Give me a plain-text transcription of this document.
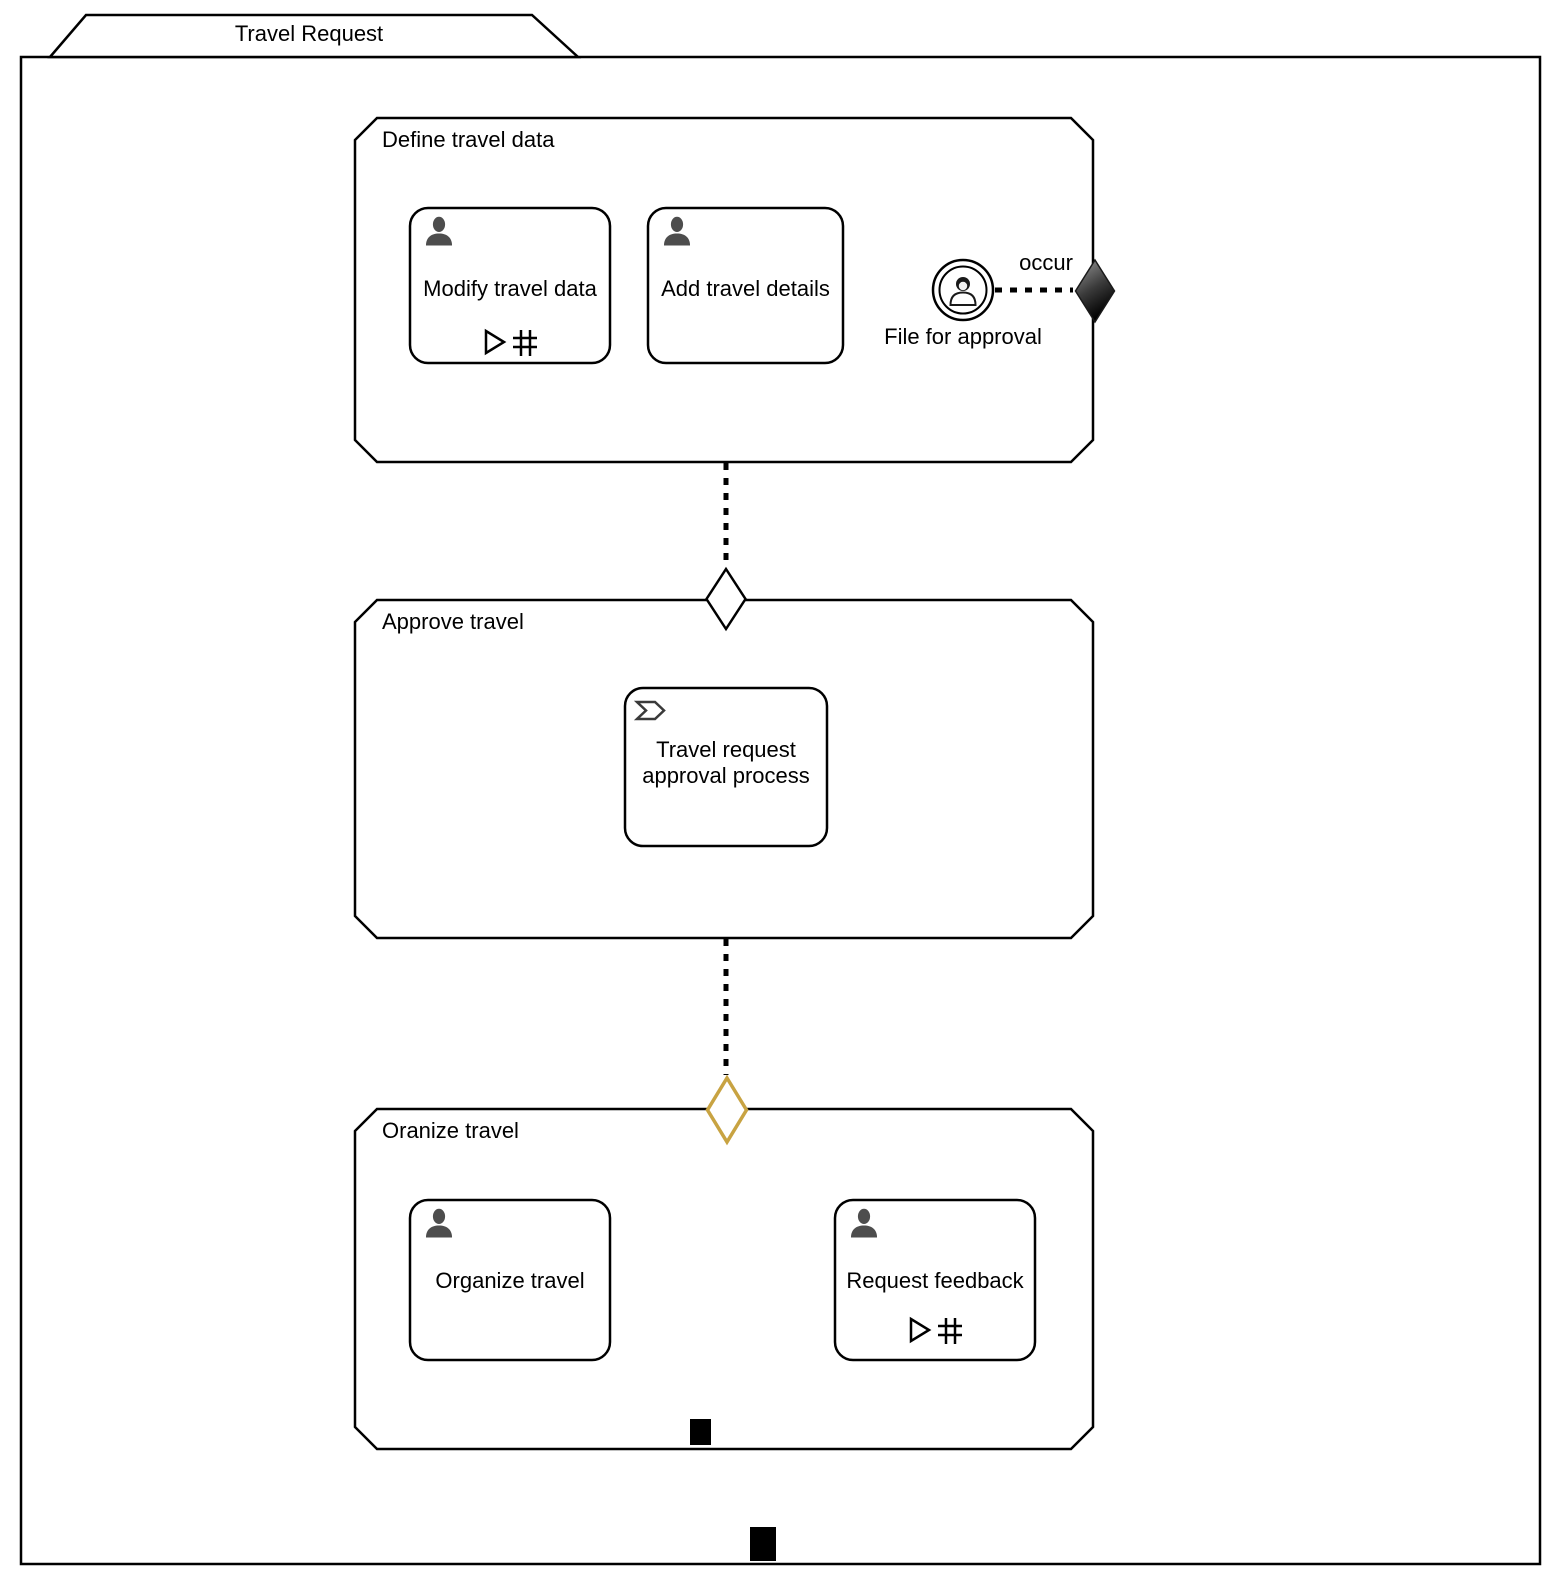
Travel Request
Define travel data
Approve travel
Oranize travel
Modify travel data	Add travel details
Travel request
approval process
Organize travel	Request feedback
File for approval
occur
